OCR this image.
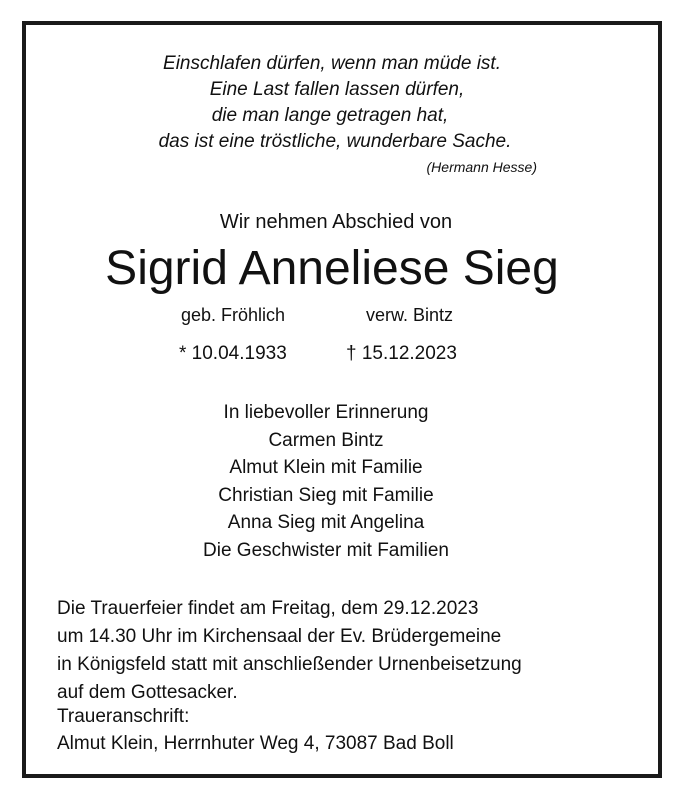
Einschlafen dürfen, wenn man müde ist.
Eine Last fallen lassen dürfen,
die man lange getragen hat,
das ist eine tröstliche, wunderbare Sache.
(Hermann Hesse)
Wir nehmen Abschied von
Sigrid Anneliese Sieg
geb. Fröhlich	verw. Bintz
* 10.04.1933	† 15.12.2023
In liebevoller Erinnerung
Carmen Bintz
Almut Klein mit Familie
Christian Sieg mit Familie
Anna Sieg mit Angelina
Die Geschwister mit Familien
Die Trauerfeier findet am Freitag, dem 29.12.2023
um 14.30 Uhr im Kirchensaal der Ev. Brüdergemeine
in Königsfeld statt mit anschließender Urnenbeisetzung
auf dem Gottesacker.
Traueranschrift:
Almut Klein, Herrnhuter Weg 4, 73087 Bad Boll
